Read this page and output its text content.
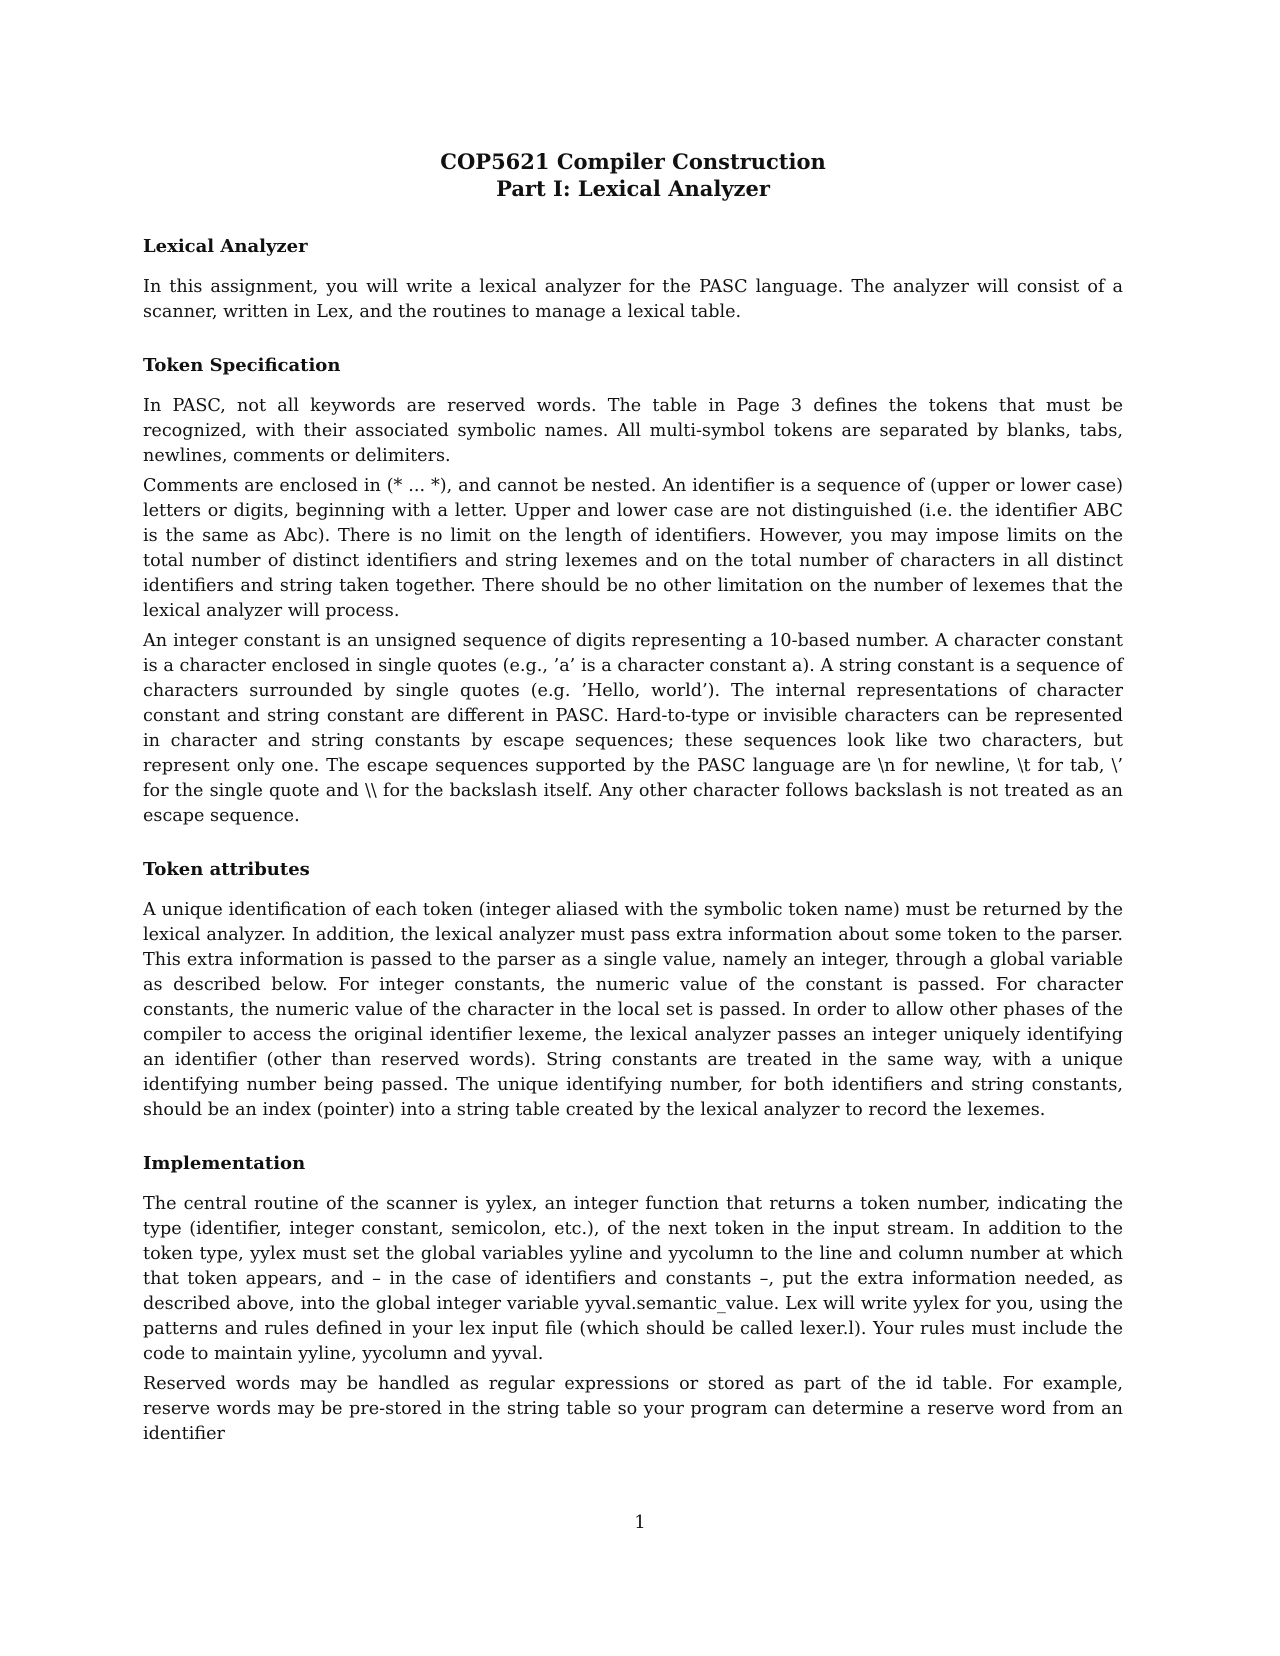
COP5621 Compiler Construction
Part I: Lexical Analyzer
Lexical Analyzer

In this assignment, you will write a lexical analyzer for the PASC language. The analyzer will consist of a scanner, written in Lex, and the routines to manage a lexical table.

Token Specification

In PASC, not all keywords are reserved words. The table in Page 3 defines the tokens that must be recognized, with their associated symbolic names. All multi-symbol tokens are separated by blanks, tabs, newlines, comments or delimiters.

Comments are enclosed in (* ... *), and cannot be nested. An identifier is a sequence of (upper or lower case) letters or digits, beginning with a letter. Upper and lower case are not distinguished (i.e. the identifier ABC is the same as Abc). There is no limit on the length of identifiers. However, you may impose limits on the total number of distinct identifiers and string lexemes and on the total number of characters in all distinct identifiers and string taken together. There should be no other limitation on the number of lexemes that the lexical analyzer will process.

An integer constant is an unsigned sequence of digits representing a 10-based number. A character constant is a character enclosed in single quotes (e.g., ’a’ is a character constant a). A string constant is a sequence of characters surrounded by single quotes (e.g. ’Hello, world’). The internal representations of character constant and string constant are different in PASC. Hard-to-type or invisible characters can be represented in character and string constants by escape sequences; these sequences look like two characters, but represent only one. The escape sequences supported by the PASC language are \n for newline, \t for tab, \’ for the single quote and \\ for the backslash itself. Any other character follows backslash is not treated as an escape sequence.

Token attributes

A unique identification of each token (integer aliased with the symbolic token name) must be returned by the lexical analyzer. In addition, the lexical analyzer must pass extra information about some token to the parser. This extra information is passed to the parser as a single value, namely an integer, through a global variable as described below. For integer constants, the numeric value of the constant is passed. For character constants, the numeric value of the character in the local set is passed. In order to allow other phases of the compiler to access the original identifier lexeme, the lexical analyzer passes an integer uniquely identifying an identifier (other than reserved words). String constants are treated in the same way, with a unique identifying number being passed. The unique identifying number, for both identifiers and string constants, should be an index (pointer) into a string table created by the lexical analyzer to record the lexemes.

Implementation

The central routine of the scanner is yylex, an integer function that returns a token number, indicating the type (identifier, integer constant, semicolon, etc.), of the next token in the input stream. In addition to the token type, yylex must set the global variables yyline and yycolumn to the line and column number at which that token appears, and – in the case of identifiers and constants –, put the extra information needed, as described above, into the global integer variable yyval.semantic_value. Lex will write yylex for you, using the patterns and rules defined in your lex input file (which should be called lexer.l). Your rules must include the code to maintain yyline, yycolumn and yyval.

Reserved words may be handled as regular expressions or stored as part of the id table. For example, reserve words may be pre-stored in the string table so your program can determine a reserve word from an identifier

1
